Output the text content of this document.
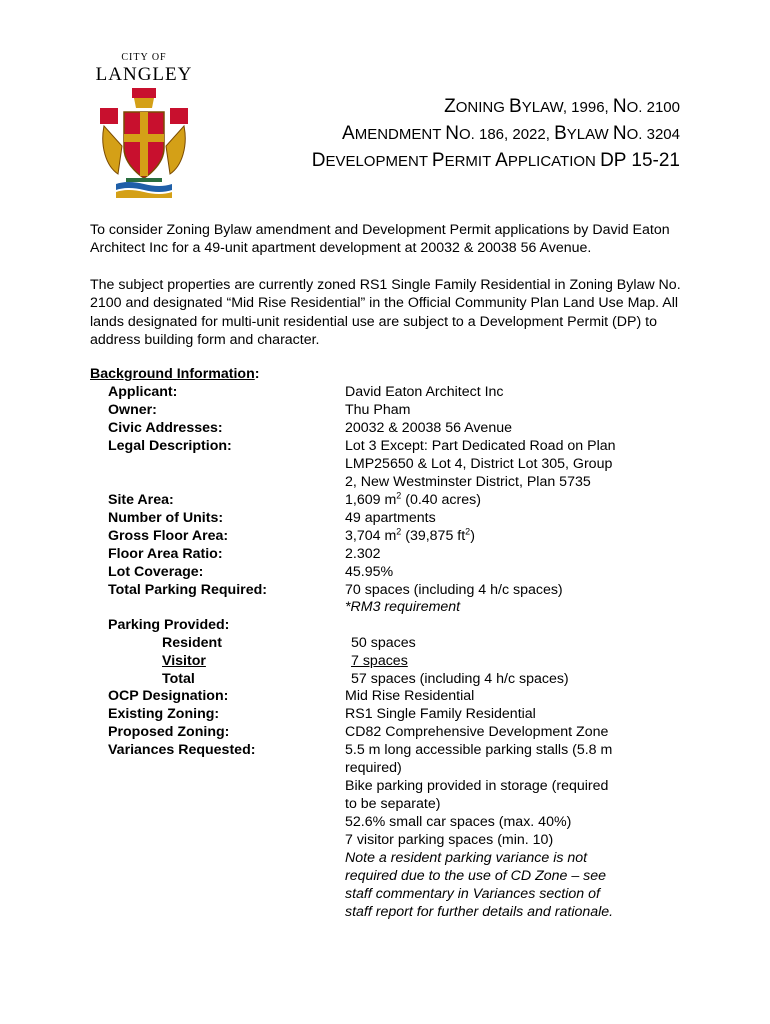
CITY OF
LANGLEY
ZONING BYLAW, 1996, NO. 2100
AMENDMENT NO. 186, 2022, BYLAW NO. 3204
DEVELOPMENT PERMIT APPLICATION DP 15-21

To consider Zoning Bylaw amendment and Development Permit applications by David Eaton Architect Inc for a 49-unit apartment development at 20032 & 20038 56 Avenue.

The subject properties are currently zoned RS1 Single Family Residential in Zoning Bylaw No. 2100 and designated “Mid Rise Residential” in the Official Community Plan Land Use Map. All lands designated for multi-unit residential use are subject to a Development Permit (DP) to address building form and character.

Background Information:
Applicant:
Owner:
Civic Addresses:
Legal Description:
Site Area:
Number of Units:
Gross Floor Area:
Floor Area Ratio:
Lot Coverage:
Total Parking Required:
Parking Provided:
Resident
Visitor
Total
OCP Designation:
Existing Zoning:
Proposed Zoning:
Variances Requested:
David Eaton Architect Inc
Thu Pham
20032 & 20038 56 Avenue
Lot 3 Except: Part Dedicated Road on Plan
LMP25650 & Lot 4, District Lot 305, Group
2, New Westminster District, Plan 5735
1,609 $m^2$ (0.40 acres)
49 apartments
3,704 $m^2$ (39,875 $ft^2$)
2.302
45.95%
70 spaces (including 4 h/c spaces)
*RM3 requirement
50 spaces
7 spaces
57 spaces (including 4 h/c spaces)
Mid Rise Residential
RS1 Single Family Residential
CD82 Comprehensive Development Zone
5.5 m long accessible parking stalls (5.8 m
required)
Bike parking provided in storage (required
to be separate)
52.6% small car spaces (max. 40%)
7 visitor parking spaces (min. 10)
Note a resident parking variance is not
required due to the use of CD Zone – see
staff commentary in Variances section of
staff report for further details and rationale.
